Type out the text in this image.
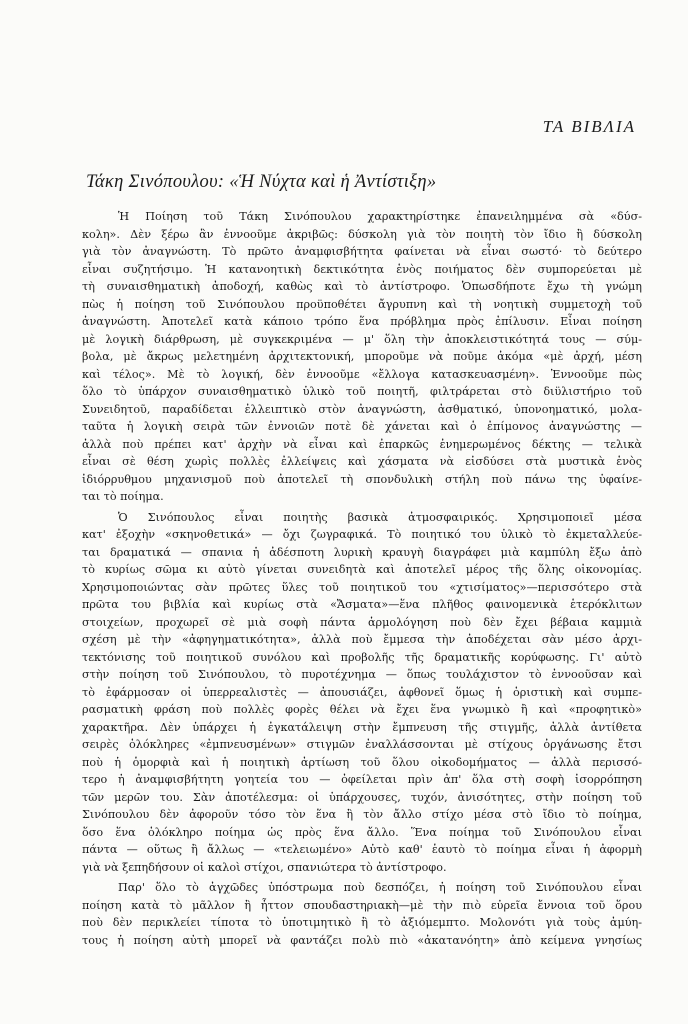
ΤΑ ΒΙΒΛΙΑ
Τάκη Σινόπουλου: «Ἡ Νύχτα καὶ ἡ Ἀντίστιξη»
Ἡ Ποίηση τοῦ Τάκη Σινόπουλου χαρακτηρίστηκε ἐπανειλημμένα σὰ «δύσ-
κολη». Δὲν ξέρω ἂν ἐννοοῦμε ἀκριβῶς: δύσκολη γιὰ τὸν ποιητὴ τὸν ἴδιο ἢ δύσκολη
γιὰ τὸν ἀναγνώστη. Τὸ πρῶτο ἀναμφισβήτητα φαίνεται νὰ εἶναι σωστό· τὸ δεύτερο
εἶναι συζητήσιμο. Ἡ κατανοητικὴ δεκτικότητα ἑνὸς ποιήματος δὲν συμπορεύεται μὲ
τὴ συναισθηματικὴ ἀποδοχή, καθὼς καὶ τὸ ἀντίστροφο. Ὁπωσδήποτε ἔχω τὴ γνώμη
πὼς ἡ ποίηση τοῦ Σινόπουλου προϋποθέτει ἄγρυπνη καὶ τὴ νοητικὴ συμμετοχὴ τοῦ
ἀναγνώστη. Ἀποτελεῖ κατὰ κάποιο τρόπο ἕνα πρόβλημα πρὸς ἐπίλυσιν. Εἶναι ποίηση
μὲ λογικὴ διάρθρωση, μὲ συγκεκριμένα — μ' ὅλη τὴν ἀποκλειστικότητά τους — σύμ-
βολα, μὲ ἄκρως μελετημένη ἀρχιτεκτονική, μποροῦμε νὰ ποῦμε ἀκόμα «μὲ ἀρχή, μέση
καὶ τέλος». Μὲ τὸ λογική, δὲν ἐννοοῦμε «ἔλλογα κατασκευασμένη». Ἐννοοῦμε πὼς
ὅλο τὸ ὑπάρχον συναισθηματικὸ ὑλικὸ τοῦ ποιητῆ, φιλτράρεται στὸ διϋλιστήριο τοῦ
Συνειδητοῦ, παραδίδεται ἐλλειπτικὸ στὸν ἀναγνώστη, ἀσθματικό, ὑπονοηματικό, μολα-
ταῦτα ἡ λογικὴ σειρὰ τῶν ἐννοιῶν ποτὲ δὲ χάνεται καὶ ὁ ἐπίμονος ἀναγνώστης —
ἀλλὰ ποὺ πρέπει κατ' ἀρχὴν νὰ εἶναι καὶ ἐπαρκῶς ἐνημερωμένος δέκτης — τελικὰ
εἶναι σὲ θέση χωρὶς πολλὲς ἐλλείψεις καὶ χάσματα νὰ εἰσδύσει στὰ μυστικὰ ἑνὸς
ἰδιόρρυθμου μηχανισμοῦ ποὺ ἀποτελεῖ τὴ σπονδυλικὴ στήλη ποὺ πάνω της ὑφαίνε-
ται τὸ ποίημα.
Ὁ Σινόπουλος εἶναι ποιητὴς βασικὰ ἀτμοσφαιρικός. Χρησιμοποιεῖ μέσα
κατ' ἐξοχὴν «σκηνοθετικά» — ὄχι ζωγραφικά. Τὸ ποιητικό του ὑλικὸ τὸ ἐκμεταλλεύε-
ται δραματικά — σπανια ἡ ἀδέσποτη λυρικὴ κραυγὴ διαγράφει μιὰ καμπύλη ἔξω ἀπὸ
τὸ κυρίως σῶμα κι αὐτὸ γίνεται συνειδητὰ καὶ ἀποτελεῖ μέρος τῆς ὅλης οἰκονομίας.
Χρησιμοποιώντας σὰν πρῶτες ὕλες τοῦ ποιητικοῦ του «χτισίματος»—περισσότερο στὰ
πρῶτα του βιβλία καὶ κυρίως στὰ «Ἄσματα»—ἕνα πλῆθος φαινομενικὰ ἑτερόκλιτων
στοιχείων, προχωρεῖ σὲ μιὰ σοφὴ πάντα ἁρμολόγηση ποὺ δὲν ἔχει βέβαια καμμιὰ
σχέση μὲ τὴν «ἀφηγηματικότητα», ἀλλὰ ποὺ ἔμμεσα τὴν ἀποδέχεται σὰν μέσο ἀρχι-
τεκτόνισης τοῦ ποιητικοῦ συνόλου καὶ προβολῆς τῆς δραματικῆς κορύφωσης. Γι' αὐτὸ
στὴν ποίηση τοῦ Σινόπουλου, τὸ πυροτέχνημα — ὅπως τουλάχιστον τὸ ἐννοοῦσαν καὶ
τὸ ἐφάρμοσαν οἱ ὑπερρεαλιστὲς — ἀπουσιάζει, ἀφθονεῖ ὅμως ἡ ὁριστικὴ καὶ συμπε-
ρασματικὴ φράση ποὺ πολλὲς φορὲς θέλει νὰ ἔχει ἕνα γνωμικὸ ἢ καὶ «προφητικὸ»
χαρακτῆρα. Δὲν ὑπάρχει ἡ ἐγκατάλειψη στὴν ἔμπνευση τῆς στιγμῆς, ἀλλὰ ἀντίθετα
σειρὲς ὁλόκληρες «ἐμπνευσμένων» στιγμῶν ἐναλλάσσονται μὲ στίχους ὀργάνωσης ἔτσι
ποὺ ἡ ὁμορφιὰ καὶ ἡ ποιητικὴ ἀρτίωση τοῦ ὅλου οἰκοδομήματος — ἀλλὰ περισσό-
τερο ἡ ἀναμφισβήτητη γοητεία του — ὀφείλεται πρὶν ἀπ' ὅλα στὴ σοφὴ ἰσορρόπηση
τῶν μερῶν του. Σὰν ἀποτέλεσμα: οἱ ὑπάρχουσες, τυχόν, ἀνισότητες, στὴν ποίηση τοῦ
Σινόπουλου δὲν ἀφοροῦν τόσο τὸν ἕνα ἢ τὸν ἄλλο στίχο μέσα στὸ ἴδιο τὸ ποίημα,
ὅσο ἕνα ὁλόκληρο ποίημα ὡς πρὸς ἕνα ἄλλο. Ἕνα ποίημα τοῦ Σινόπουλου εἶναι
πάντα — οὕτως ἢ ἄλλως — «τελειωμένο» Αὐτὸ καθ' ἑαυτὸ τὸ ποίημα εἶναι ἡ ἀφορμὴ
γιὰ νὰ ξεπηδήσουν οἱ καλοὶ στίχοι, σπανιώτερα τὸ ἀντίστροφο.
Παρ' ὅλο τὸ ἀγχῶδες ὑπόστρωμα ποὺ δεσπόζει, ἡ ποίηση τοῦ Σινόπουλου εἶναι
ποίηση κατὰ τὸ μᾶλλον ἢ ἧττον σπουδαστηριακὴ—μὲ τὴν πιὸ εὐρεῖα ἔννοια τοῦ ὅρου
ποὺ δὲν περικλείει τίποτα τὸ ὑποτιμητικὸ ἢ τὸ ἀξιόμεμπτο. Μολονότι γιὰ τοὺς ἀμύη-
τους ἡ ποίηση αὐτὴ μπορεῖ νὰ φαντάζει πολὺ πιὸ «ἀκατανόητη» ἀπὸ κείμενα γνησίως
